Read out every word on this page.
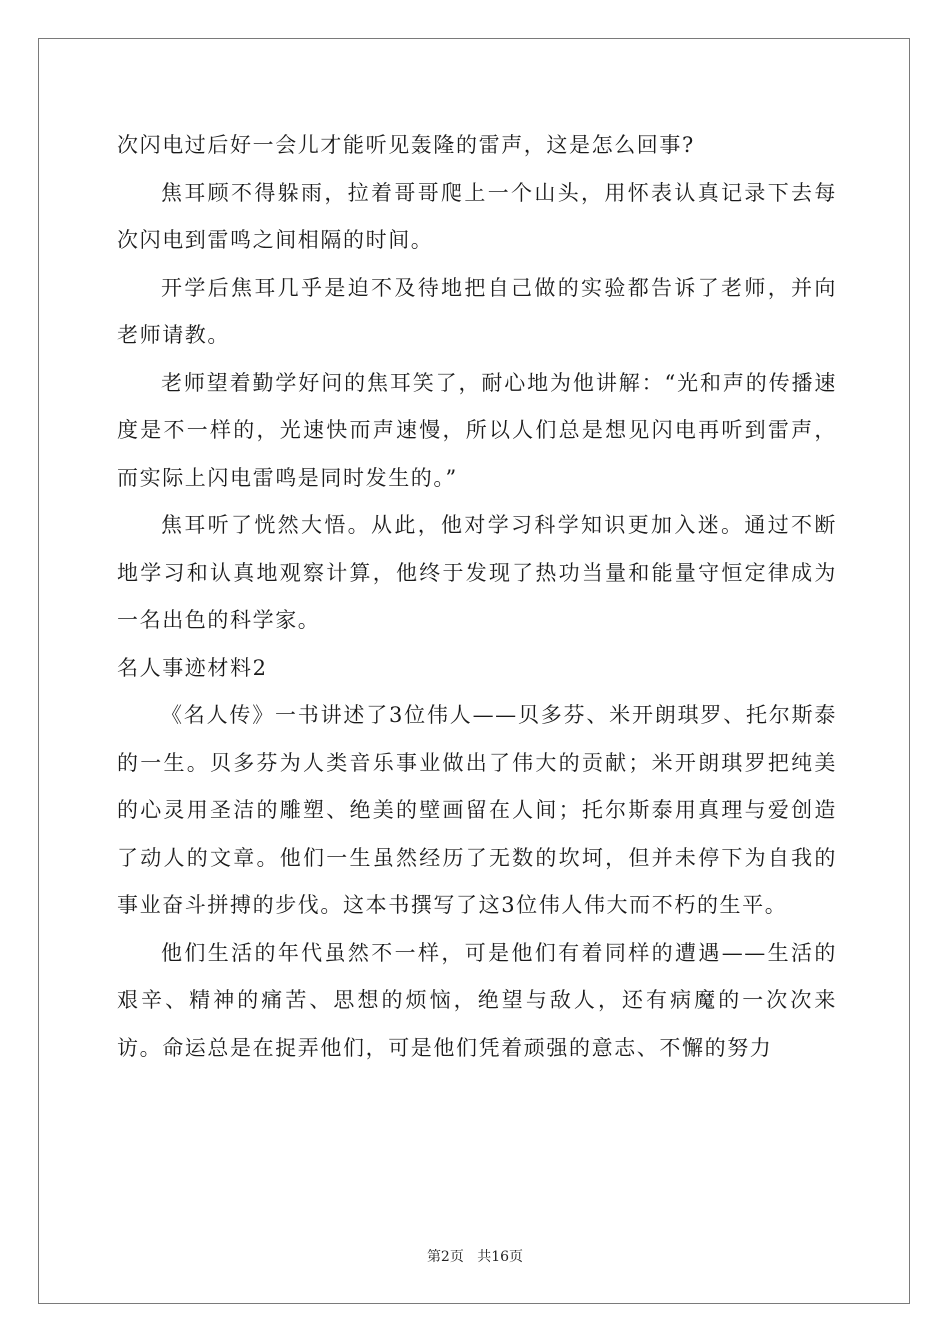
次闪电过后好一会儿才能听见轰隆的雷声，这是怎么回事?

焦耳顾不得躲雨，拉着哥哥爬上一个山头，用怀表认真记录下去每次闪电到雷鸣之间相隔的时间。

开学后焦耳几乎是迫不及待地把自己做的实验都告诉了老师，并向老师请教。

老师望着勤学好问的焦耳笑了，耐心地为他讲解：“光和声的传播速度是不一样的，光速快而声速慢，所以人们总是想见闪电再听到雷声，而实际上闪电雷鸣是同时发生的。”

焦耳听了恍然大悟。从此，他对学习科学知识更加入迷。通过不断地学习和认真地观察计算，他终于发现了热功当量和能量守恒定律成为一名出色的科学家。

名人事迹材料2

《名人传》一书讲述了3位伟人——贝多芬、米开朗琪罗、托尔斯泰的一生。贝多芬为人类音乐事业做出了伟大的贡献；米开朗琪罗把纯美的心灵用圣洁的雕塑、绝美的壁画留在人间；托尔斯泰用真理与爱创造了动人的文章。他们一生虽然经历了无数的坎坷，但并未停下为自我的事业奋斗拼搏的步伐。这本书撰写了这3位伟人伟大而不朽的生平。

他们生活的年代虽然不一样，可是他们有着同样的遭遇——生活的艰辛、精神的痛苦、思想的烦恼，绝望与敌人，还有病魔的一次次来访。命运总是在捉弄他们，可是他们凭着顽强的意志、不懈的努力

第2页 共16页
